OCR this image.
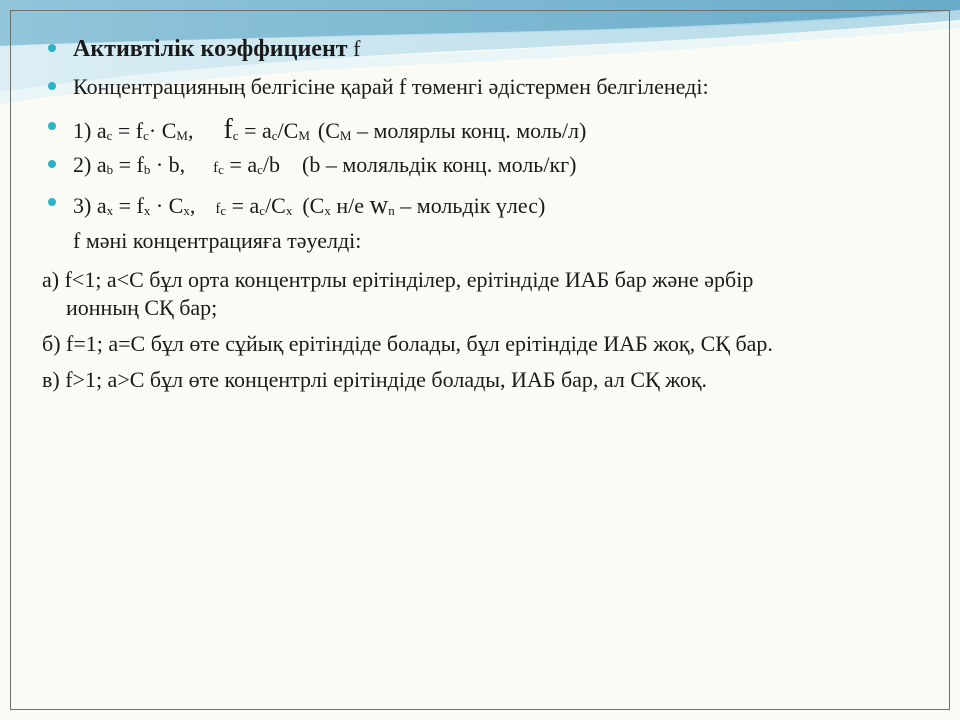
Активтілік коэффициент f
Концентрацияның белгісіне қарай f төменгі әдістермен белгіленеді:
1) ac = fc· CM, fc = ac/CM (CM – молярлы конц. моль/л)
2) ab = fb · b, fc = ac/b (b – моляльдік конц. моль/кг)
3) ax = fx · Cx, fc = ac/Cx (Cx н/е wn – мольдік үлес)
f мәні концентрацияға тәуелді:
а) f<1; a<C бұл орта концентрлы ерітінділер, ерітіндіде ИАБ бар және әрбір
ионның СҚ бар;
б) f=1; a=C бұл өте сұйық ерітіндіде болады, бұл ерітіндіде ИАБ жоқ, СҚ бар.
в) f>1; a>C бұл өте концентрлі ерітіндіде болады, ИАБ бар, ал СҚ жоқ.
